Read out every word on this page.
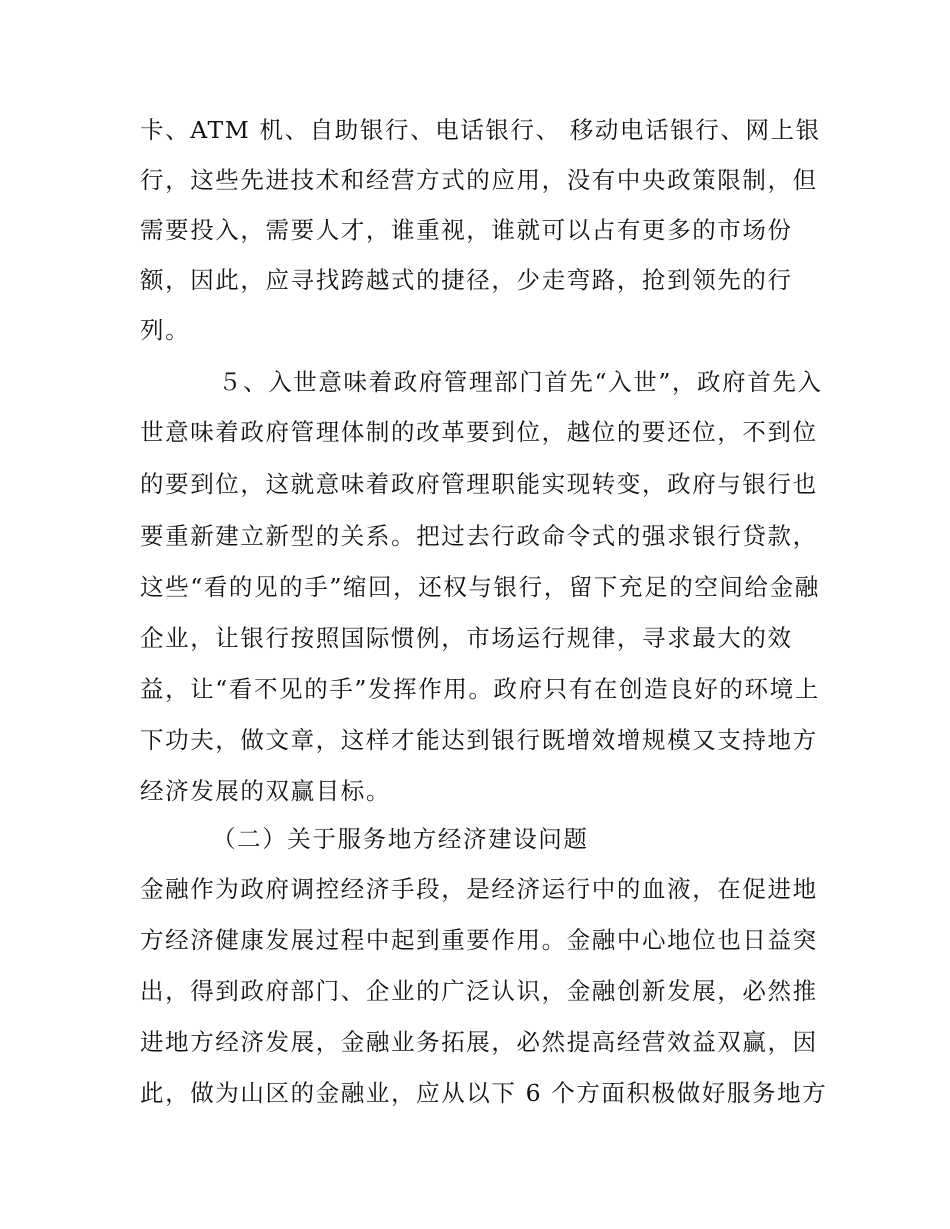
卡、ATM 机、自助银行、电话银行、 移动电话银行、网上银
行，这些先进技术和经营方式的应用，没有中央政策限制，但
需要投入，需要人才，谁重视，谁就可以占有更多的市场份
额，因此，应寻找跨越式的捷径，少走弯路，抢到领先的行
列。
５、入世意味着政府管理部门首先“入世”，政府首先入
世意味着政府管理体制的改革要到位，越位的要还位，不到位
的要到位，这就意味着政府管理职能实现转变，政府与银行也
要重新建立新型的关系。把过去行政命令式的强求银行贷款，
这些“看的见的手”缩回，还权与银行，留下充足的空间给金融
企业，让银行按照国际惯例，市场运行规律，寻求最大的效
益，让“看不见的手”发挥作用。政府只有在创造良好的环境上
下功夫，做文章，这样才能达到银行既增效增规模又支持地方
经济发展的双赢目标。
（二）关于服务地方经济建设问题
金融作为政府调控经济手段，是经济运行中的血液，在促进地
方经济健康发展过程中起到重要作用。金融中心地位也日益突
出，得到政府部门、企业的广泛认识，金融创新发展，必然推
进地方经济发展，金融业务拓展，必然提高经营效益双赢，因
此，做为山区的金融业，应从以下 6 个方面积极做好服务地方
